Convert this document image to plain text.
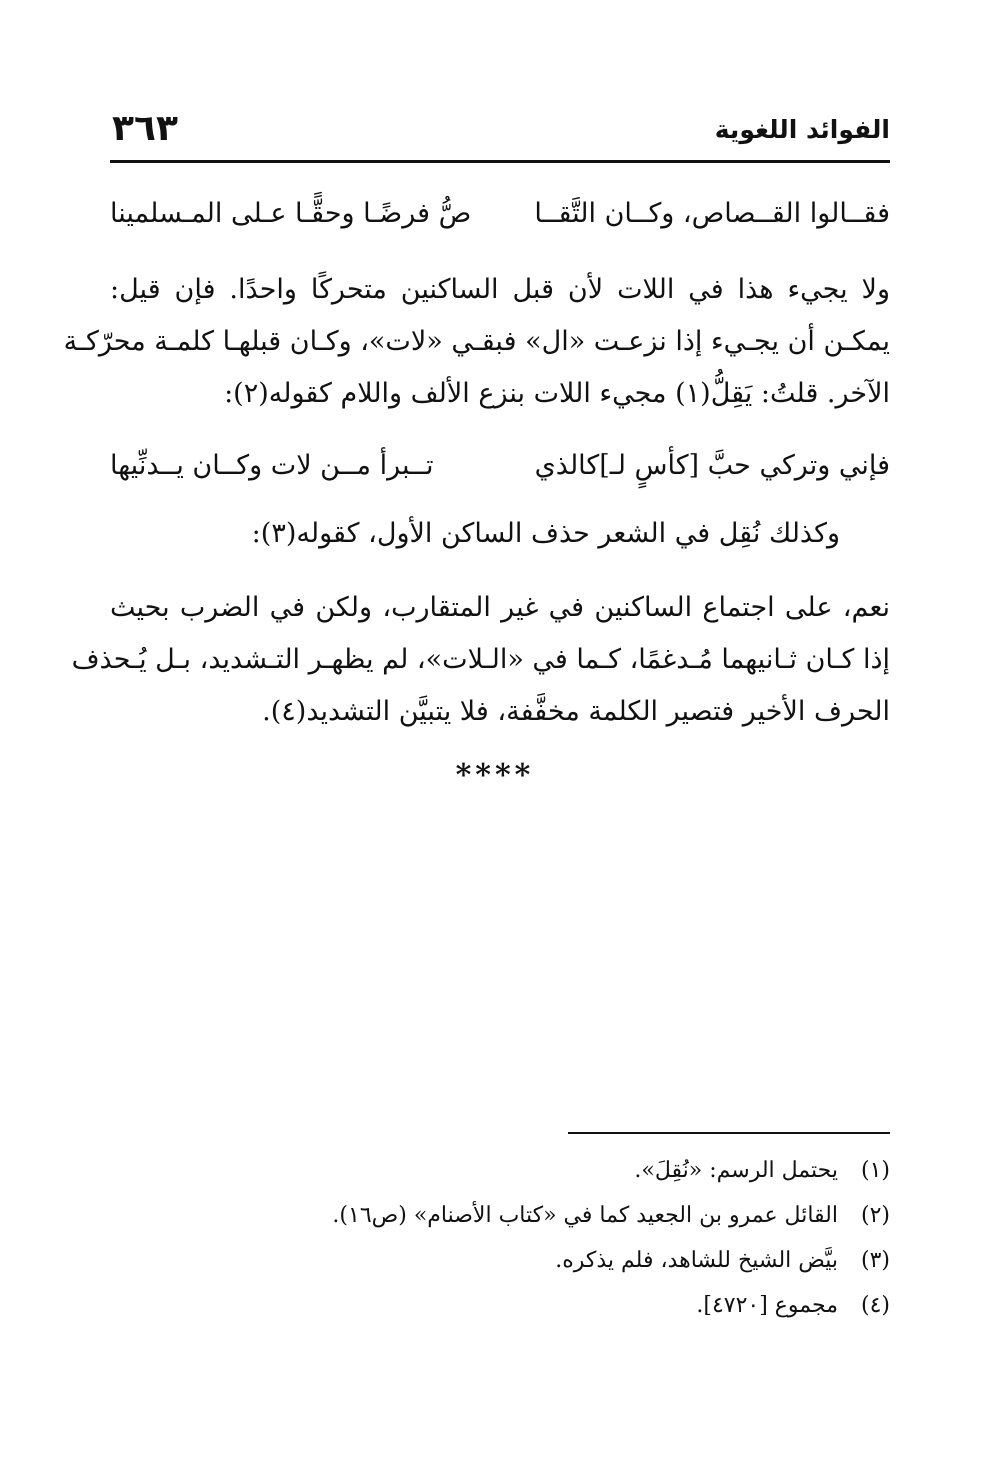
الفوائد اللغوية
٣٦٣
فقــالوا القــصاص، وكــان التَّقــا
صُّ فرضًـا وحقًّـا عـلى المـسلمينا
ولا يجيء هذا في اللات لأن قبل الساكنين متحركًا واحدًا. فإن قيل:
يمكـن أن يجـيء إذا نزعـت «ال» فبقـي «لات»، وكـان قبلهـا كلمـة محرّكـة
الآخر. قلتُ: يَقِلُّ(١) مجيء اللات بنزع الألف واللام كقوله(٢):
فإني وتركي حبَّ [كأسٍ لـ]كالذي
تــبرأ مــن لات وكــان يــدنِّيها
وكذلك نُقِل في الشعر حذف الساكن الأول، كقوله(٣):
نعم، على اجتماع الساكنين في غير المتقارب، ولكن في الضرب بحيث
إذا كـان ثـانيهما مُـدغمًا، كـما في «الـلات»، لم يظهـر التـشديد، بـل يُـحذف
الحرف الأخير فتصير الكلمة مخفَّفة، فلا يتبيَّن التشديد(٤).
****
(١)
يحتمل الرسم: «نُقِلَ».
(٢)
القائل عمرو بن الجعيد كما في «كتاب الأصنام» (ص١٦).
(٣)
بيَّض الشيخ للشاهد، فلم يذكره.
(٤)
مجموع [٤٧٢٠].
